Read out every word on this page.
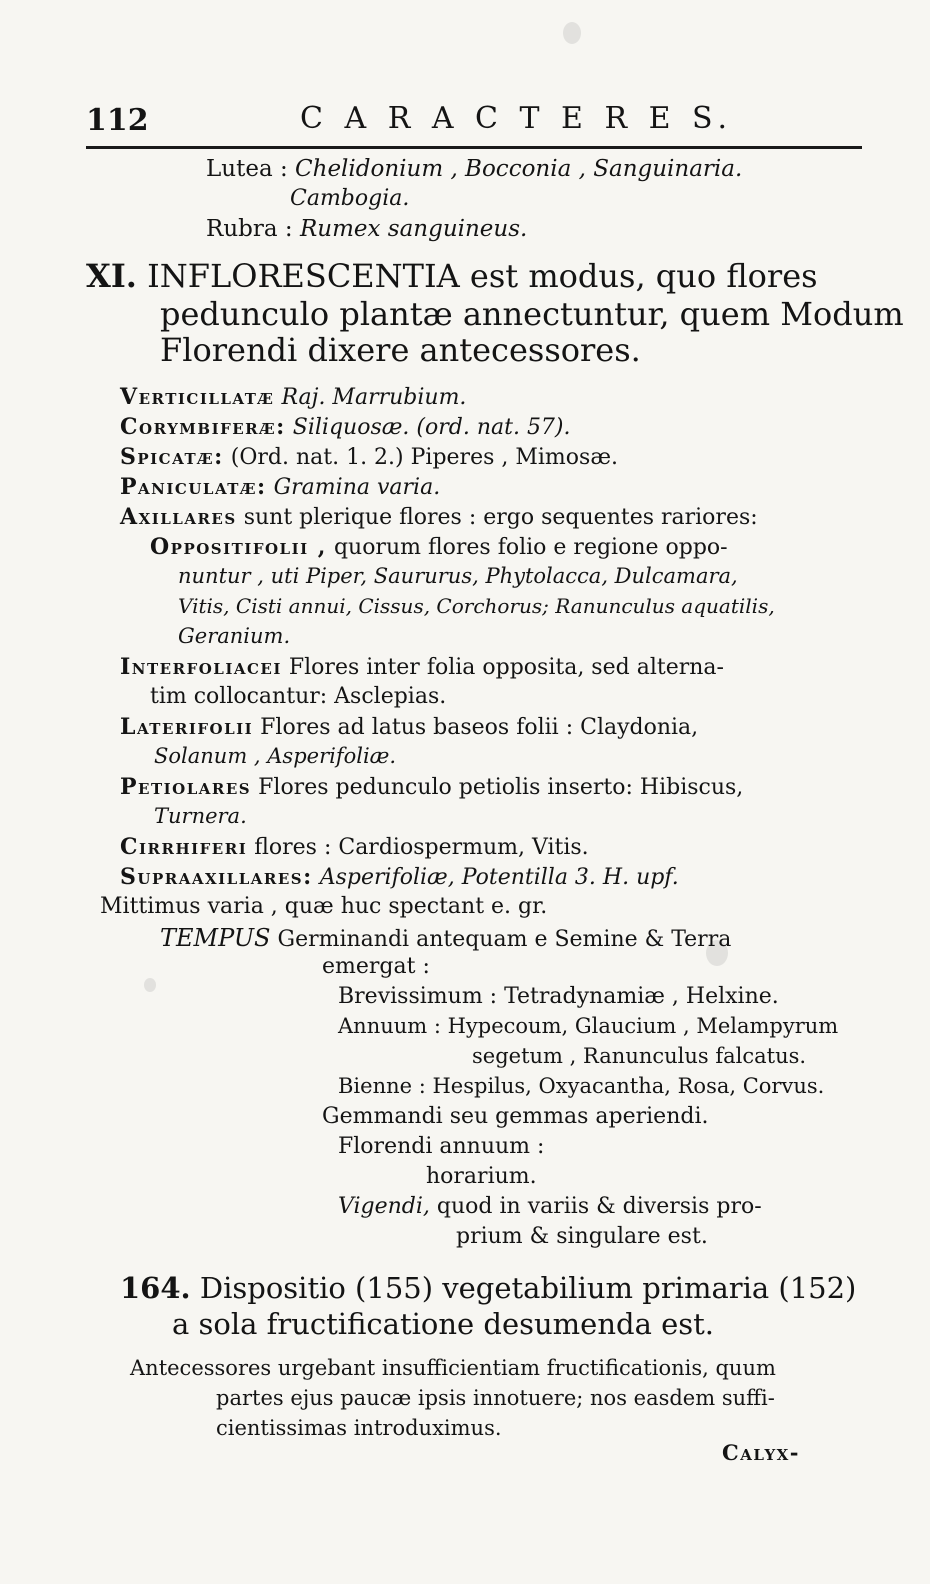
112	C A R A C T E R E S.
Lutea : Chelidonium , Bocconia , Sanguinaria.
Cambogia.
Rubra : Rumex sanguineus.
XI. INFLORESCENTIA est modus, quo flores
pedunculo plantæ annectuntur, quem Modum
Florendi dixere antecessores.
Verticillatæ Raj. Marrubium.
Corymbiferæ: Siliquosæ. (ord. nat. 57).
Spicatæ: (Ord. nat. 1. 2.) Piperes , Mimosæ.
Paniculatæ: Gramina varia.
Axillares sunt plerique flores : ergo sequentes rariores:
Oppositifolii , quorum flores folio e regione oppo-
nuntur , uti Piper, Saururus, Phytolacca, Dulcamara,
Vitis, Cisti annui, Cissus, Corchorus; Ranunculus aquatilis,
Geranium.
Interfoliacei Flores inter folia opposita, sed alterna-
tim collocantur: Asclepias.
Laterifolii Flores ad latus baseos folii : Claydonia,
Solanum , Asperifoliæ.
Petiolares Flores pedunculo petiolis inserto: Hibiscus,
Turnera.
Cirrhiferi flores : Cardiospermum, Vitis.
Supraaxillares: Asperifoliæ, Potentilla 3. H. upf.
Mittimus varia , quæ huc spectant e. gr.
TEMPUS Germinandi antequam e Semine & Terra
emergat :
Brevissimum : Tetradynamiæ , Helxine.
Annuum : Hypecoum, Glaucium , Melampyrum
segetum , Ranunculus falcatus.
Bienne : Hespilus, Oxyacantha, Rosa, Corvus.
Gemmandi seu gemmas aperiendi.
Florendi annuum :
horarium.
Vigendi, quod in variis & diversis pro-
prium & singulare est.
164. Dispositio (155) vegetabilium primaria (152)
a sola fructificatione desumenda est.
Antecessores urgebant insufficientiam fructificationis, quum
partes ejus paucæ ipsis innotuere; nos easdem suffi-
cientissimas introduximus.
Calyx-
